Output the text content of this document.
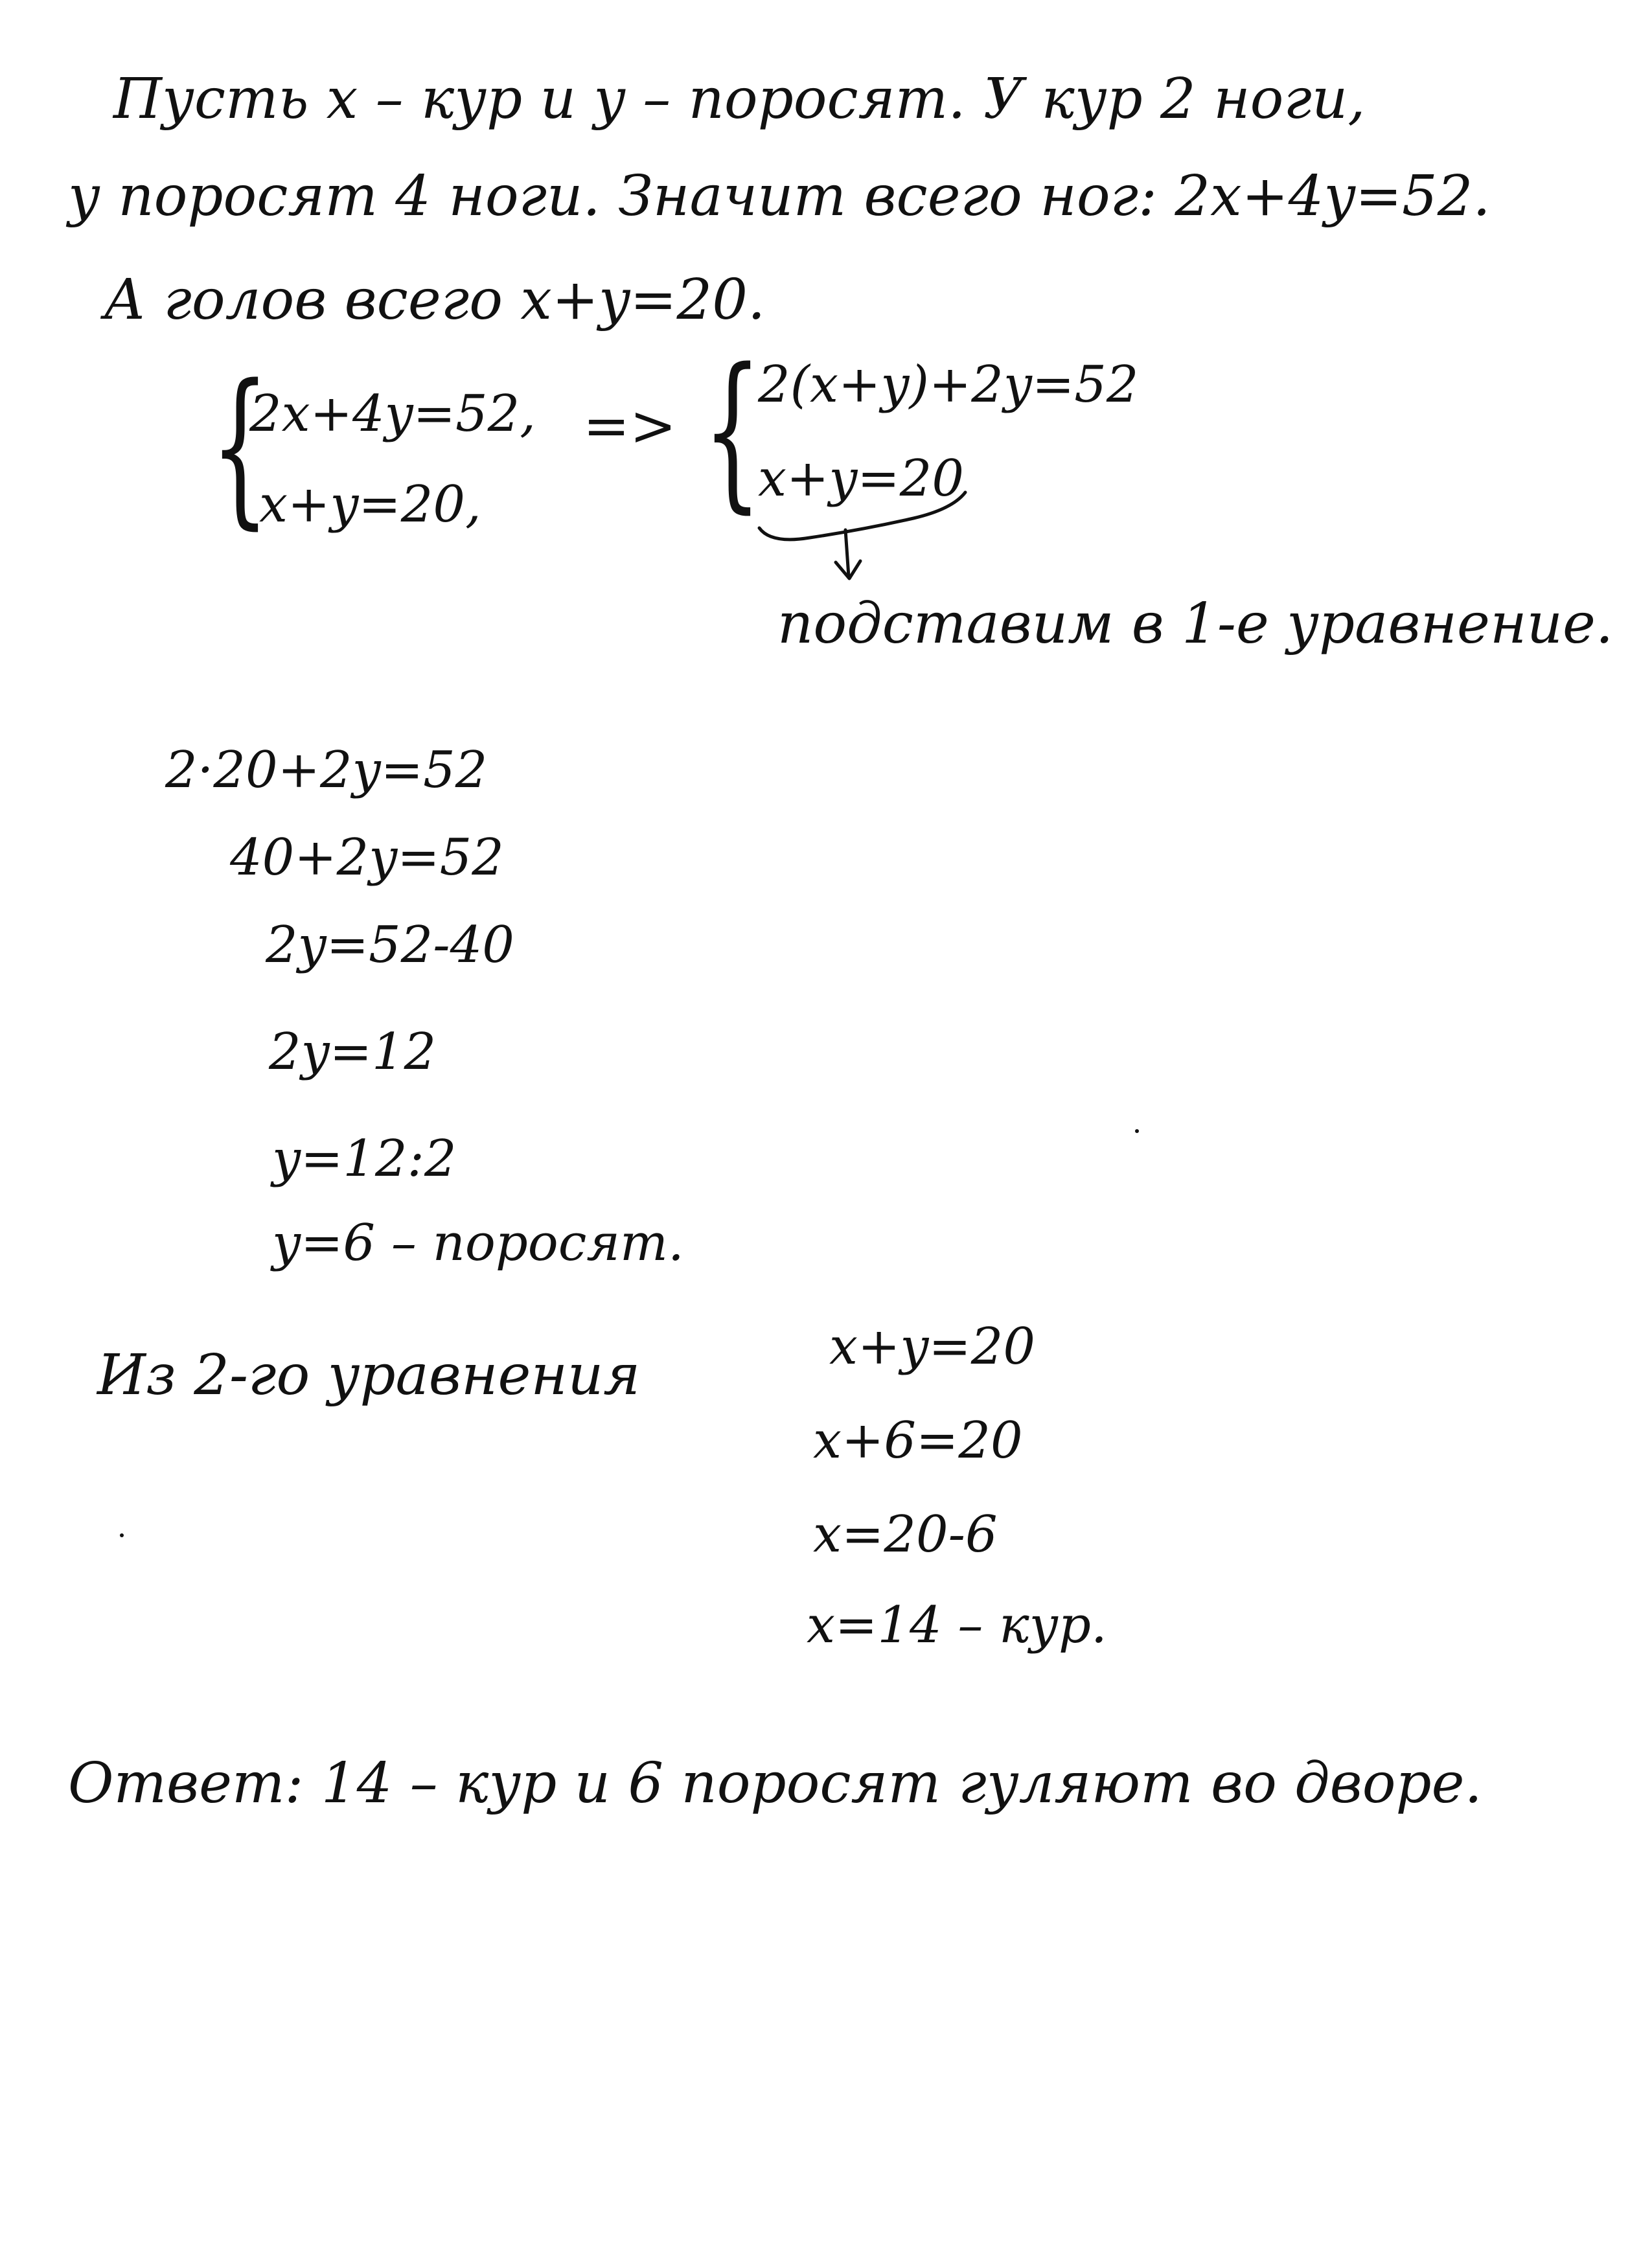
Пусть x – кур и y – поросят. У кур 2 ноги,
у поросят 4 ноги. Значит всего ног: 2x+4y=52.
А голов всего x+y=20.
{
2x+4y=52,
x+y=20,
=> {
2(x+y)+2y=52
x+y=20
подставим в 1-е уравнение.
2·20+2y=52
40+2y=52
2y=52-40
2y=12
y=12:2
y=6 – поросят.
Из 2-го уравнения	x+y=20
x+6=20
x=20-6
x=14 – кур.
Ответ: 14 – кур и 6 поросят гуляют во дворе.
